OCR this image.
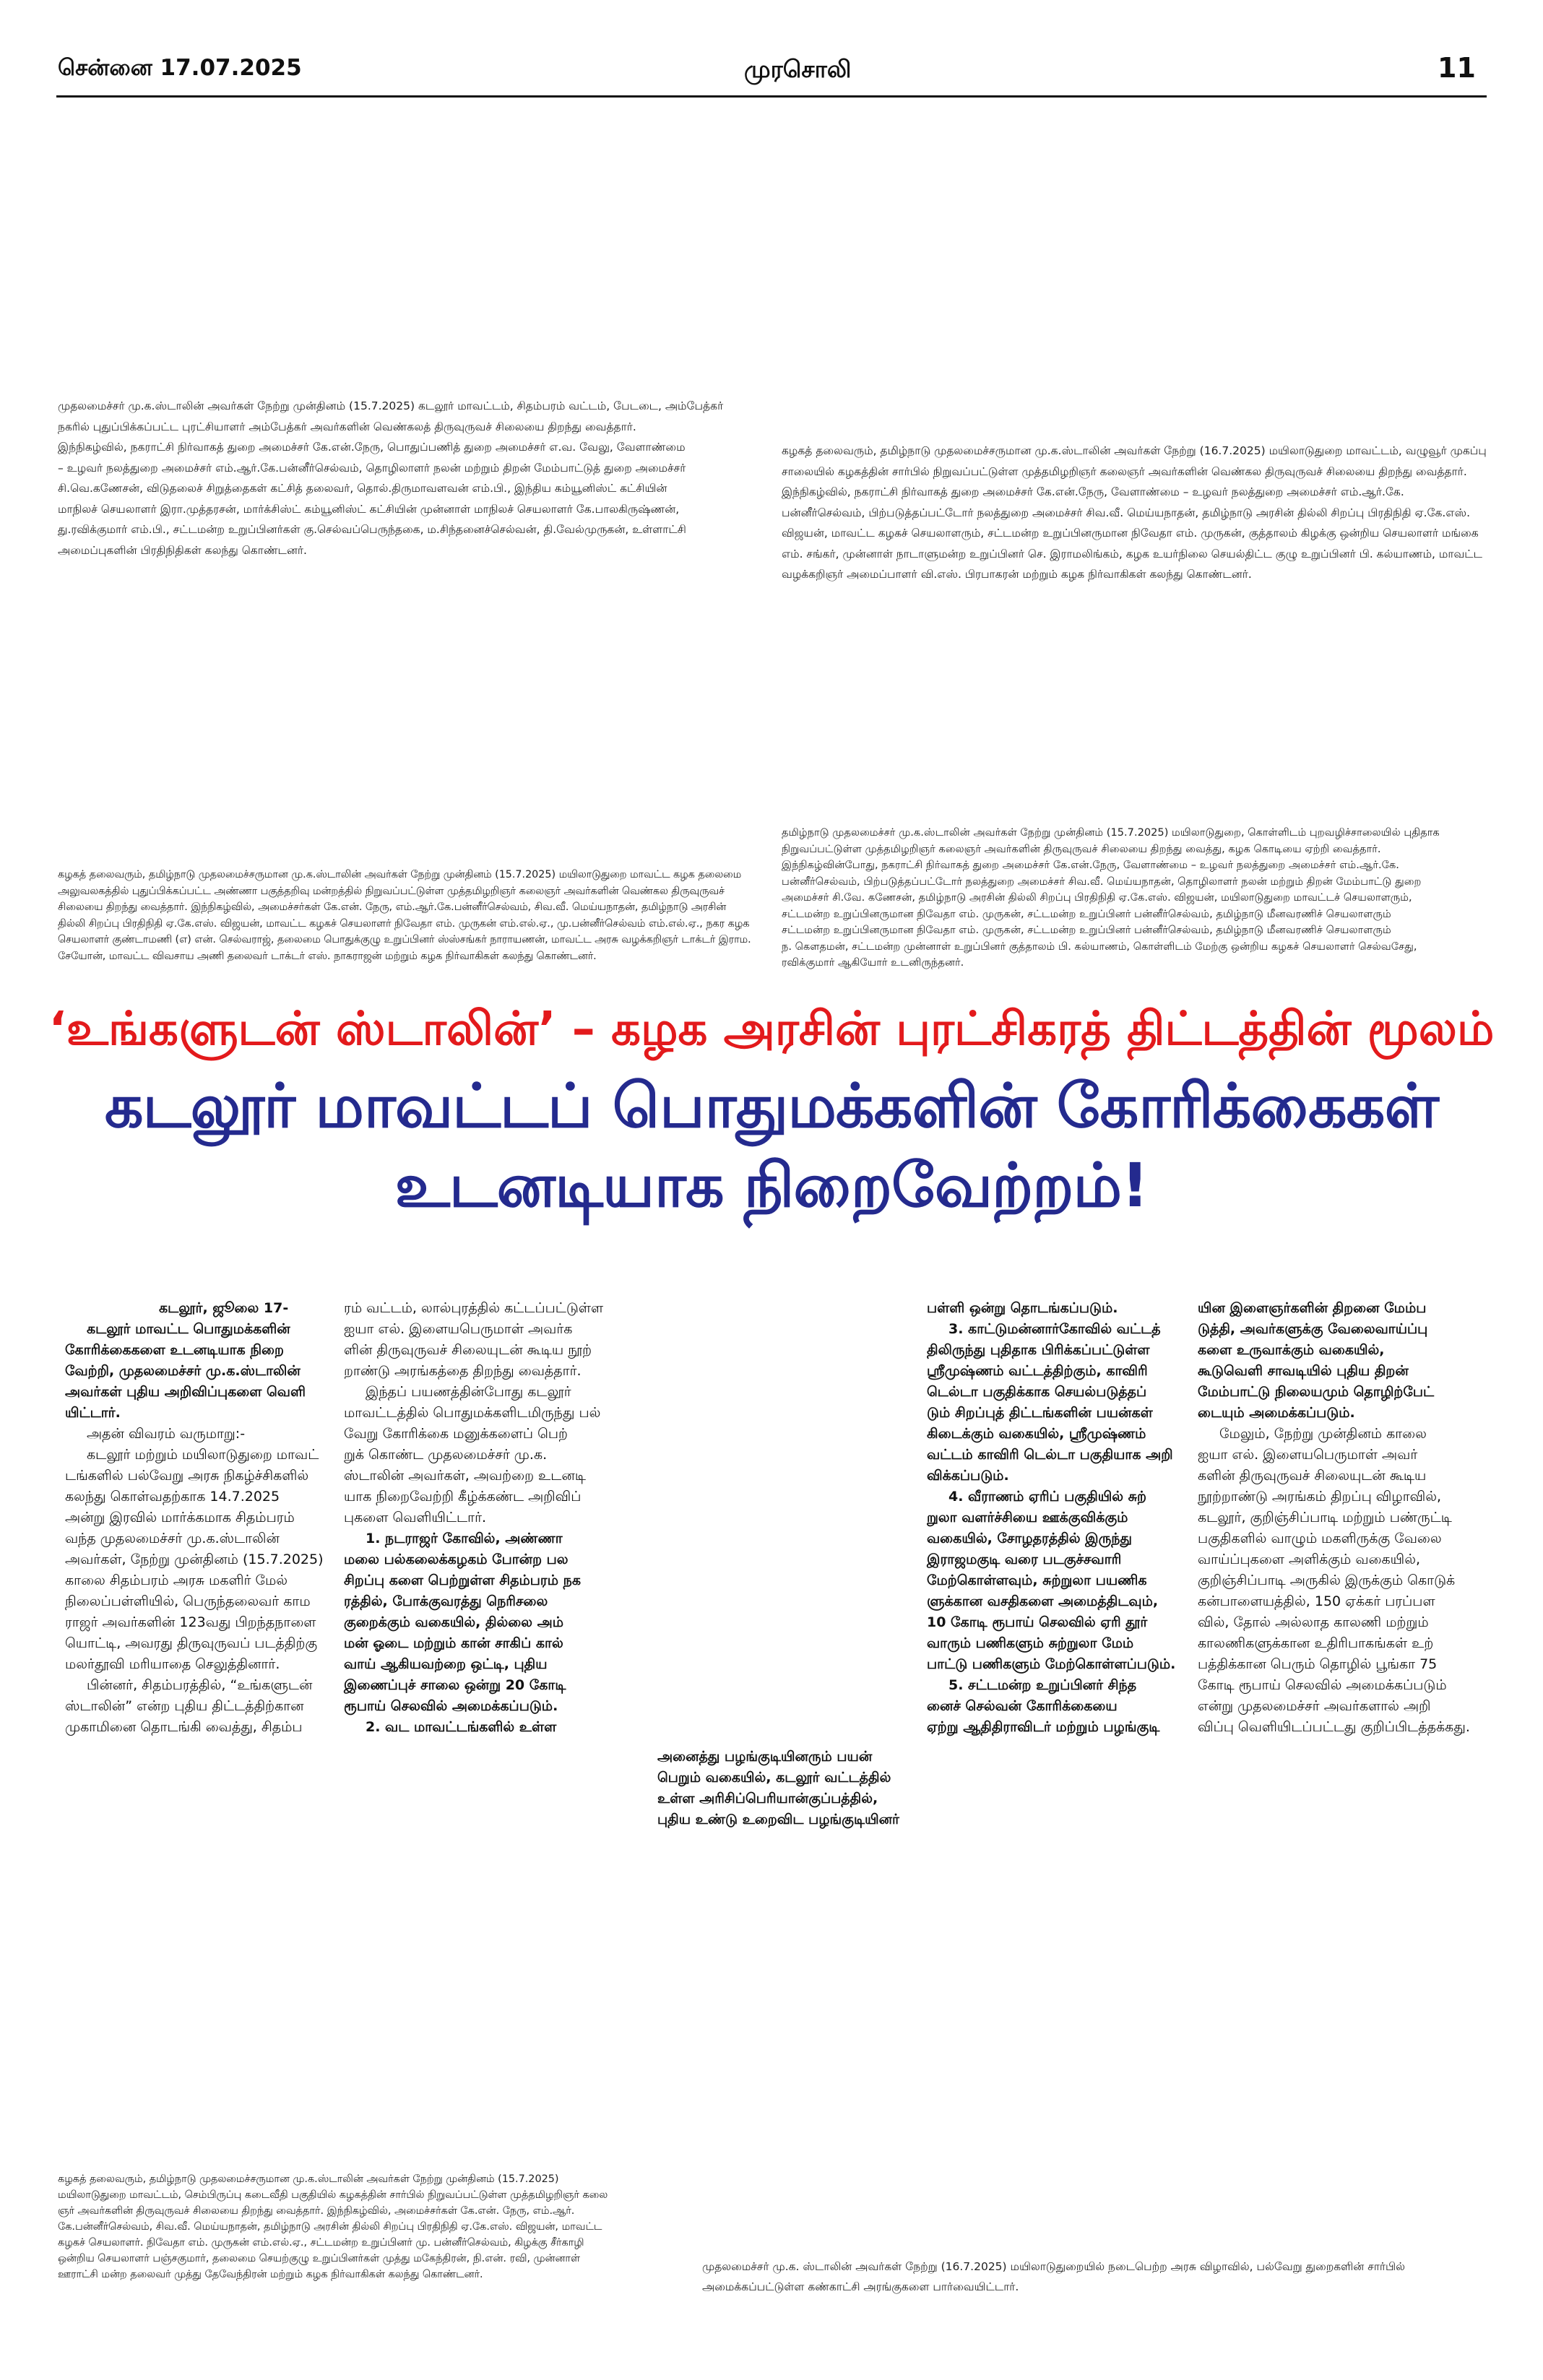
சென்னை 17.07.2025	முரசொலி	11
முதலமைச்சர் மு.க.ஸ்டாலின் அவர்கள் நேற்று முன்தினம் (15.7.2025) கடலூர் மாவட்டம், சிதம்பரம் வட்டம், பேடடை, அம்பேத்கர்
நகரில் புதுப்பிக்கப்பட்ட புரட்சியாளர் அம்பேத்கர் அவர்களின் வெண்கலத் திருவுருவச் சிலையை திறந்து வைத்தார்.
இந்நிகழ்வில், நகராட்சி நிர்வாகத் துறை அமைச்சர் கே.என்.நேரு, பொதுப்பணித் துறை அமைச்சர் எ.வ. வேலு, வேளாண்மை
– உழவர் நலத்துறை அமைச்சர் எம்.ஆர்.கே.பன்னீர்செல்வம், தொழிலாளர் நலன் மற்றும் திறன் மேம்பாட்டுத் துறை அமைச்சர்
சி.வெ.கணேசன், விடுதலைச் சிறுத்தைகள் கட்சித் தலைவர், தொல்.திருமாவளவன் எம்.பி., இந்திய கம்யூனிஸ்ட் கட்சியின்
மாநிலச் செயலாளர் இரா.முத்தரசன், மார்க்சிஸ்ட் கம்யூனிஸ்ட் கட்சியின் முன்னாள் மாநிலச் செயலாளர் கே.பாலகிருஷ்ணன்,
து.ரவிக்குமார் எம்.பி., சட்டமன்ற உறுப்பினர்கள் கு.செல்வப்பெருந்தகை, ம.சிந்தனைச்செல்வன், தி.வேல்முருகன், உள்ளாட்சி
அமைப்புகளின் பிரதிநிதிகள் கலந்து கொண்டனர்.
கழகத் தலைவரும், தமிழ்நாடு முதலமைச்சருமான மு.க.ஸ்டாலின் அவர்கள் நேற்று (16.7.2025) மயிலாடுதுறை மாவட்டம், வழுவூர் முகப்பு
சாலையில் கழகத்தின் சார்பில் நிறுவப்பட்டுள்ள முத்தமிழறிஞர் கலைஞர் அவர்களின் வெண்கல திருவுருவச் சிலையை திறந்து வைத்தார்.
இந்நிகழ்வில், நகராட்சி நிர்வாகத் துறை அமைச்சர் கே.என்.நேரு, வேளாண்மை – உழவர் நலத்துறை அமைச்சர் எம்.ஆர்.கே.
பன்னீர்செல்வம், பிற்படுத்தப்பட்டோர் நலத்துறை அமைச்சர் சிவ.வீ. மெய்யநாதன், தமிழ்நாடு அரசின் தில்லி சிறப்பு பிரதிநிதி ஏ.கே.எஸ்.
விஜயன், மாவட்ட கழகச் செயலாளரும், சட்டமன்ற உறுப்பினருமான நிவேதா எம். முருகன், குத்தாலம் கிழக்கு ஒன்றிய செயலாளர் மங்கை
எம். சங்கர், முன்னாள் நாடாளுமன்ற உறுப்பினர் செ. இராமலிங்கம், கழக உயர்நிலை செயல்திட்ட குழு உறுப்பினர் பி. கல்யாணம், மாவட்ட
வழக்கறிஞர் அமைப்பாளர் வி.எஸ். பிரபாகரன் மற்றும் கழக நிர்வாகிகள் கலந்து கொண்டனர்.
கழகத் தலைவரும், தமிழ்நாடு முதலமைச்சருமான மு.க.ஸ்டாலின் அவர்கள் நேற்று முன்தினம் (15.7.2025) மயிலாடுதுறை மாவட்ட கழக தலைமை
அலுவலகத்தில் புதுப்பிக்கப்பட்ட அண்ணா பகுத்தறிவு மன்றத்தில் நிறுவப்பட்டுள்ள முத்தமிழறிஞர் கலைஞர் அவர்களின் வெண்கல திருவுருவச்
சிலையை திறந்து வைத்தார். இந்நிகழ்வில், அமைச்சர்கள் கே.என். நேரு, எம்.ஆர்.கே.பன்னீர்செல்வம், சிவ.வீ. மெய்யநாதன், தமிழ்நாடு அரசின்
தில்லி சிறப்பு பிரதிநிதி ஏ.கே.எஸ். விஜயன், மாவட்ட கழகச் செயலாளர் நிவேதா எம். முருகன் எம்.எல்.ஏ., மு.பன்னீர்செல்வம் எம்.எல்.ஏ., நகர கழக
செயலாளர் குண்டாமணி (எ) என். செல்வராஜ், தலைமை பொதுக்குழு உறுப்பினர் ஸ்ஸ்சங்கர் நாராயணன், மாவட்ட அரசு வழக்கறிஞர் டாக்டர் இராம.
சேயோன், மாவட்ட விவசாய அணி தலைவர் டாக்டர் எஸ். நாகராஜன் மற்றும் கழக நிர்வாகிகள் கலந்து கொண்டனர்.
தமிழ்நாடு முதலமைச்சர் மு.க.ஸ்டாலின் அவர்கள் நேற்று முன்தினம் (15.7.2025) மயிலாடுதுறை, கொள்ளிடம் புறவழிச்சாலையில் புதிதாக
நிறுவப்பட்டுள்ள முத்தமிழறிஞர் கலைஞர் அவர்களின் திருவுருவச் சிலையை திறந்து வைத்து, கழக கொடியை ஏற்றி வைத்தார்.
இந்நிகழ்வின்போது, நகராட்சி நிர்வாகத் துறை அமைச்சர் கே.என்.நேரு, வேளாண்மை – உழவர் நலத்துறை அமைச்சர் எம்.ஆர்.கே.
பன்னீர்செல்வம், பிற்படுத்தப்பட்டோர் நலத்துறை அமைச்சர் சிவ.வீ. மெய்யநாதன், தொழிலாளர் நலன் மற்றும் திறன் மேம்பாட்டு துறை
அமைச்சர் சி.வே. கணேசன், தமிழ்நாடு அரசின் தில்லி சிறப்பு பிரதிநிதி ஏ.கே.எஸ். விஜயன், மயிலாடுதுறை மாவட்டச் செயலாளரும்,
சட்டமன்ற உறுப்பினருமான நிவேதா எம். முருகன், சட்டமன்ற உறுப்பினர் பன்னீர்செல்வம், தமிழ்நாடு மீனவரணிச் செயலாளரும்
சட்டமன்ற உறுப்பினருமான நிவேதா எம். முருகன், சட்டமன்ற உறுப்பினர் பன்னீர்செல்வம், தமிழ்நாடு மீனவரணிச் செயலாளரும்
ந. கௌதமன், சட்டமன்ற முன்னாள் உறுப்பினர் குத்தாலம் பி. கல்யாணம், கொள்ளிடம் மேற்கு ஒன்றிய கழகச் செயலாளர் செல்வசேது,
ரவிக்குமார் ஆகியோர் உடனிருந்தனர்.
கழகத் தலைவரும், தமிழ்நாடு முதலமைச்சருமான மு.க.ஸ்டாலின் அவர்கள் நேற்று முன்தினம் (15.7.2025)
மயிலாடுதுறை மாவட்டம், செம்பிருப்பு கடைவீதி பகுதியில் கழகத்தின் சார்பில் நிறுவப்பட்டுள்ள முத்தமிழறிஞர் கலை
ஞர் அவர்களின் திருவுருவச் சிலையை திறந்து வைத்தார். இந்நிகழ்வில், அமைச்சர்கள் கே.என். நேரு, எம்.ஆர்.
கே.பன்னீர்செல்வம், சிவ.வீ. மெய்யநாதன், தமிழ்நாடு அரசின் தில்லி சிறப்பு பிரதிநிதி ஏ.கே.எஸ். விஜயன், மாவட்ட
கழகச் செயலாளர். நிவேதா எம். முருகன் எம்.எல்.ஏ., சட்டமன்ற உறுப்பினர் மு. பன்னீர்செல்வம், கிழக்கு சீர்காழி
ஒன்றிய செயலாளர் பஞ்சகுமார், தலைமை செயற்குழு உறுப்பினர்கள் முத்து மகேந்திரன், நி.என். ரவி, முன்னாள்
ஊராட்சி மன்ற தலைவர் முத்து தேவேந்திரன் மற்றும் கழக நிர்வாகிகள் கலந்து கொண்டனர்.
முதலமைச்சர் மு.க. ஸ்டாலின் அவர்கள் நேற்று (16.7.2025) மயிலாடுதுறையில் நடைபெற்ற அரசு விழாவில், பல்வேறு துறைகளின் சார்பில்
அமைக்கப்பட்டுள்ள கண்காட்சி அரங்குகளை பார்வையிட்டார்.
‘உங்களுடன் ஸ்டாலின்’ – கழக அரசின் புரட்சிகரத் திட்டத்தின் மூலம்
கடலூர் மாவட்டப் பொதுமக்களின் கோரிக்கைகள் உடனடியாக நிறைவேற்றம்!
கடலூர், ஜூலை 17-
கடலூர் மாவட்ட பொதுமக்களின்
கோரிக்கைகளை உடனடியாக நிறை
வேற்றி, முதலமைச்சர் மு.க.ஸ்டாலின்
அவர்கள் புதிய அறிவிப்புகளை வெளி
யிட்டார்.
அதன் விவரம் வருமாறு:-
கடலூர் மற்றும் மயிலாடுதுறை மாவட்
டங்களில் பல்வேறு அரசு நிகழ்ச்சிகளில்
கலந்து கொள்வதற்காக 14.7.2025
அன்று இரவில் மார்க்கமாக சிதம்பரம்
வந்த முதலமைச்சர் மு.க.ஸ்டாலின்
அவர்கள், நேற்று முன்தினம் (15.7.2025)
காலை சிதம்பரம் அரசு மகளிர் மேல்
நிலைப்பள்ளியில், பெருந்தலைவர் காம
ராஜர் அவர்களின் 123வது பிறந்தநாளை
யொட்டி, அவரது திருவுருவப் படத்திற்கு
மலர்தூவி மரியாதை செலுத்தினார்.
பின்னர், சிதம்பரத்தில், “உங்களுடன்
ஸ்டாலின்” என்ற புதிய திட்டத்திற்கான
முகாமினை தொடங்கி வைத்து, சிதம்ப
ரம் வட்டம், லால்புரத்தில் கட்டப்பட்டுள்ள
ஐயா எல். இளையபெருமாள் அவர்க
ளின் திருவுருவச் சிலையுடன் கூடிய நூற்
றாண்டு அரங்கத்தை திறந்து வைத்தார்.
இந்தப் பயணத்தின்போது கடலூர்
மாவட்டத்தில் பொதுமக்களிடமிருந்து பல்
வேறு கோரிக்கை மனுக்களைப் பெற்
றுக் கொண்ட முதலமைச்சர் மு.க.
ஸ்டாலின் அவர்கள், அவற்றை உடனடி
யாக நிறைவேற்றி கீழ்க்கண்ட அறிவிப்
புகளை வெளியிட்டார்.
1. நடராஜர் கோவில், அண்ணா
மலை பல்கலைக்கழகம் போன்ற பல
சிறப்பு களை பெற்றுள்ள சிதம்பரம் நக
ரத்தில், போக்குவரத்து நெரிசலை
குறைக்கும் வகையில், தில்லை அம்
மன் ஓடை மற்றும் கான் சாகிப் கால்
வாய் ஆகியவற்றை ஒட்டி, புதிய
இணைப்புச் சாலை ஒன்று 20 கோடி
ரூபாய் செலவில் அமைக்கப்படும்.
2. வட மாவட்டங்களில் உள்ள
அனைத்து பழங்குடியினரும் பயன்
பெறும் வகையில், கடலூர் வட்டத்தில்
உள்ள அரிசிப்பெரியான்குப்பத்தில்,
புதிய உண்டு உறைவிட பழங்குடியினர்
பள்ளி ஒன்று தொடங்கப்படும்.
3. காட்டுமன்னார்கோவில் வட்டத்
திலிருந்து புதிதாக பிரிக்கப்பட்டுள்ள
ஸ்ரீமுஷ்ணம் வட்டத்திற்கும், காவிரி
டெல்டா பகுதிக்காக செயல்படுத்தப்
டும் சிறப்புத் திட்டங்களின் பயன்கள்
கிடைக்கும் வகையில், ஸ்ரீமுஷ்ணம்
வட்டம் காவிரி டெல்டா பகுதியாக அறி
விக்கப்படும்.
4. வீராணம் ஏரிப் பகுதியில் சுற்
றுலா வளர்ச்சியை ஊக்குவிக்கும்
வகையில், சோழதரத்தில் இருந்து
இராஜமகுடி வரை படகுச்சவாரி
மேற்கொள்ளவும், சுற்றுலா பயணிக
ளுக்கான வசதிகளை அமைத்திடவும்,
10 கோடி ரூபாய் செலவில் ஏரி தூர்
வாரும் பணிகளும் சுற்றுலா மேம்
பாட்டு பணிகளும் மேற்கொள்ளப்படும்.
5. சட்டமன்ற உறுப்பினர் சிந்த
னைச் செல்வன் கோரிக்கையை
ஏற்று ஆதிதிராவிடர் மற்றும் பழங்குடி
யின இளைஞர்களின் திறனை மேம்ப
டுத்தி, அவர்களுக்கு வேலைவாய்ப்பு
களை உருவாக்கும் வகையில்,
கூடுவெளி சாவடியில் புதிய திறன்
மேம்பாட்டு நிலையமும் தொழிற்பேட்
டையும் அமைக்கப்படும்.
மேலும், நேற்று முன்தினம் காலை
ஐயா எல். இளையபெருமாள் அவர்
களின் திருவுருவச் சிலையுடன் கூடிய
நூற்றாண்டு அரங்கம் திறப்பு விழாவில்,
கடலூர், குறிஞ்சிப்பாடி மற்றும் பண்ருட்டி
பகுதிகளில் வாழும் மகளிருக்கு வேலை
வாய்ப்புகளை அளிக்கும் வகையில்,
குறிஞ்சிப்பாடி அருகில் இருக்கும் கொடுக்
கன்பாளையத்தில், 150 ஏக்கர் பரப்பள
வில், தோல் அல்லாத காலணி மற்றும்
காலணிகளுக்கான உதிரிபாகங்கள் உற்
பத்திக்கான பெரும் தொழில் பூங்கா 75
கோடி ரூபாய் செலவில் அமைக்கப்படும்
என்று முதலமைச்சர் அவர்களால் அறி
விப்பு வெளியிடப்பட்டது குறிப்பிடத்தக்கது.
